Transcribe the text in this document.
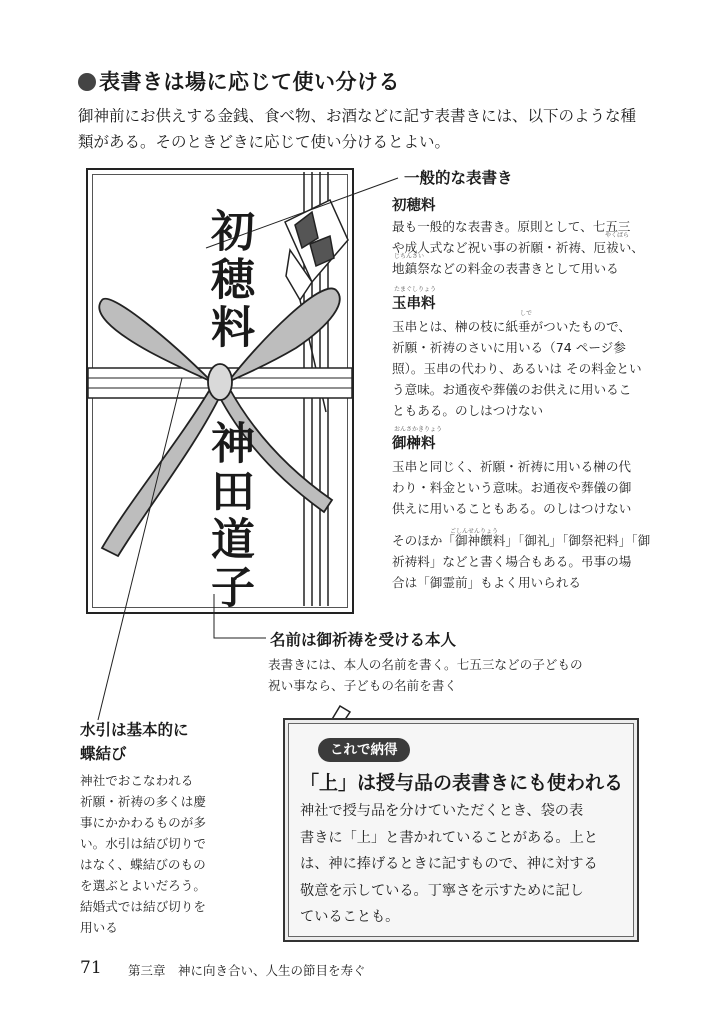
表書きは場に応じて使い分ける

御神前にお供えする金銭、食べ物、お酒などに記す表書きには、以下のような種

類がある。そのときどきに応じて使い分けるとよい。

初穂料
神田道子
一般的な表書き
初穂料
最も一般的な表書き。原則として、七五三
や成人式など祝い事の祈願・祈祷、厄祓い、
地鎮祭などの料金の表書きとして用いる
やくばら
じちんさい
たまぐしりょう
玉串料
しで
玉串とは、榊の枝に紙垂がついたもので、
祈願・祈祷のさいに用いる（74 ページ参
照）。玉串の代わり、あるいは その料金とい
う意味。お通夜や葬儀のお供えに用いるこ
ともある。のしはつけない
おんさかきりょう
御榊料
玉串と同じく、祈願・祈祷に用いる榊の代
わり・料金という意味。お通夜や葬儀の御
供えに用いることもある。のしはつけない
ごしんせんりょう
そのほか「御神饌料」「御礼」「御祭祀料」「御
祈祷料」などと書く場合もある。弔事の場
合は「御霊前」もよく用いられる
名前は御祈祷を受ける本人
表書きには、本人の名前を書く。七五三などの子どもの
祝い事なら、子どもの名前を書く
水引は基本的に
蝶結び
神社でおこなわれる
祈願・祈祷の多くは慶
事にかかわるものが多
い。水引は結び切りで
はなく、蝶結びのもの
を選ぶとよいだろう。
結婚式では結び切りを
用いる
これで納得
「上」は授与品の表書きにも使われる
神社で授与品を分けていただくとき、袋の表
書きに「上」と書かれていることがある。上と
は、神に捧げるときに記すもので、神に対する
敬意を示している。丁寧さを示すために記し
ていることも。
71 第三章　神に向き合い、人生の節目を寿ぐ
